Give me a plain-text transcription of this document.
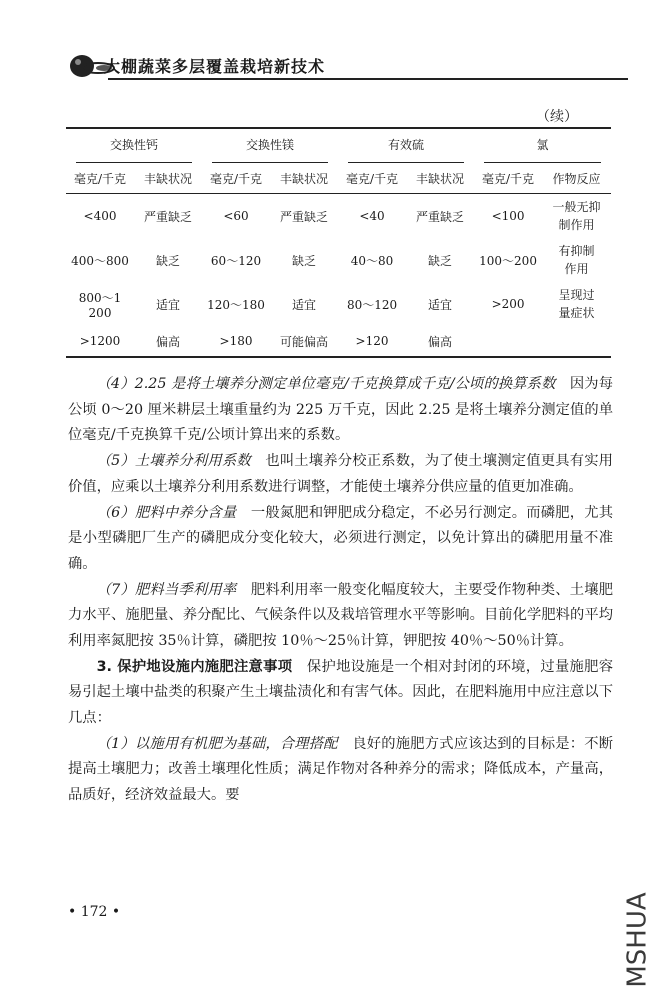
大棚蔬菜多层覆盖栽培新技术
（续）
交换性钙		交换性镁		有效硫		氯	

毫克/千克	丰缺状况	毫克/千克	丰缺状况	毫克/千克	丰缺状况	毫克/千克	作物反应
<400	严重缺乏	<60	严重缺乏	<40	严重缺乏	<100	一般无抑
制作用
400～800	缺乏	60～120	缺乏	40～80	缺乏	100～200	有抑制
作用
800～1 200	适宜	120～180	适宜	80～120	适宜	>200	呈现过
量症状
>1200	偏高	>180	可能偏高	>120	偏高		

（4）2.25 是将土壤养分测定单位毫克/千克换算成千克/公顷的换算系数　因为每公顷 0～20 厘米耕层土壤重量约为 225 万千克，因此 2.25 是将土壤养分测定值的单位毫克/千克换算千克/公顷计算出来的系数。

（5）土壤养分利用系数　也叫土壤养分校正系数，为了使土壤测定值更具有实用价值，应乘以土壤养分利用系数进行调整，才能使土壤养分供应量的值更加准确。

（6）肥料中养分含量　一般氮肥和钾肥成分稳定，不必另行测定。而磷肥，尤其是小型磷肥厂生产的磷肥成分变化较大，必须进行测定，以免计算出的磷肥用量不准确。

（7）肥料当季利用率　肥料利用率一般变化幅度较大，主要受作物种类、土壤肥力水平、施肥量、养分配比、气候条件以及栽培管理水平等影响。目前化学肥料的平均利用率氮肥按 35％计算，磷肥按 10％～25％计算，钾肥按 40％～50％计算。

3. 保护地设施内施肥注意事项　保护地设施是一个相对封闭的环境，过量施肥容易引起土壤中盐类的积聚产生土壤盐渍化和有害气体。因此，在肥料施用中应注意以下几点：

（1）以施用有机肥为基础，合理搭配　良好的施肥方式应该达到的目标是：不断提高土壤肥力；改善土壤理化性质；满足作物对各种养分的需求；降低成本，产量高，品质好，经济效益最大。要

• 172 •	MSHUA
